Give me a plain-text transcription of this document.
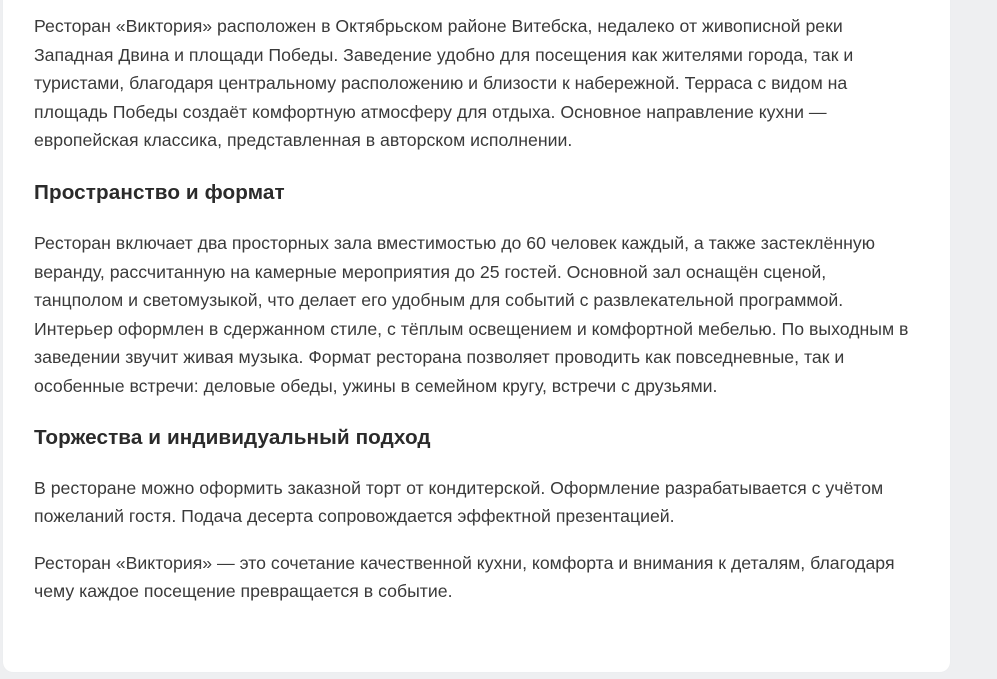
Ресторан «Виктория» расположен в Октябрьском районе Витебска, недалеко от живописной реки Западная Двина и площади Победы. Заведение удобно для посещения как жителями города, так и туристами, благодаря центральному расположению и близости к набережной. Терраса с видом на площадь Победы создаёт комфортную атмосферу для отдыха. Основное направление кухни — европейская классика, представленная в авторском исполнении.

Пространство и формат

Ресторан включает два просторных зала вместимостью до 60 человек каждый, а также застеклённую веранду, рассчитанную на камерные мероприятия до 25 гостей. Основной зал оснащён сценой, танцполом и светомузыкой, что делает его удобным для событий с развлекательной программой. Интерьер оформлен в сдержанном стиле, с тёплым освещением и комфортной мебелью. По выходным в заведении звучит живая музыка. Формат ресторана позволяет проводить как повседневные, так и особенные встречи: деловые обеды, ужины в семейном кругу, встречи с друзьями.

Торжества и индивидуальный подход

В ресторане можно оформить заказной торт от кондитерской. Оформление разрабатывается с учётом пожеланий гостя. Подача десерта сопровождается эффектной презентацией.

Ресторан «Виктория» — это сочетание качественной кухни, комфорта и внимания к деталям, благодаря чему каждое посещение превращается в событие.
